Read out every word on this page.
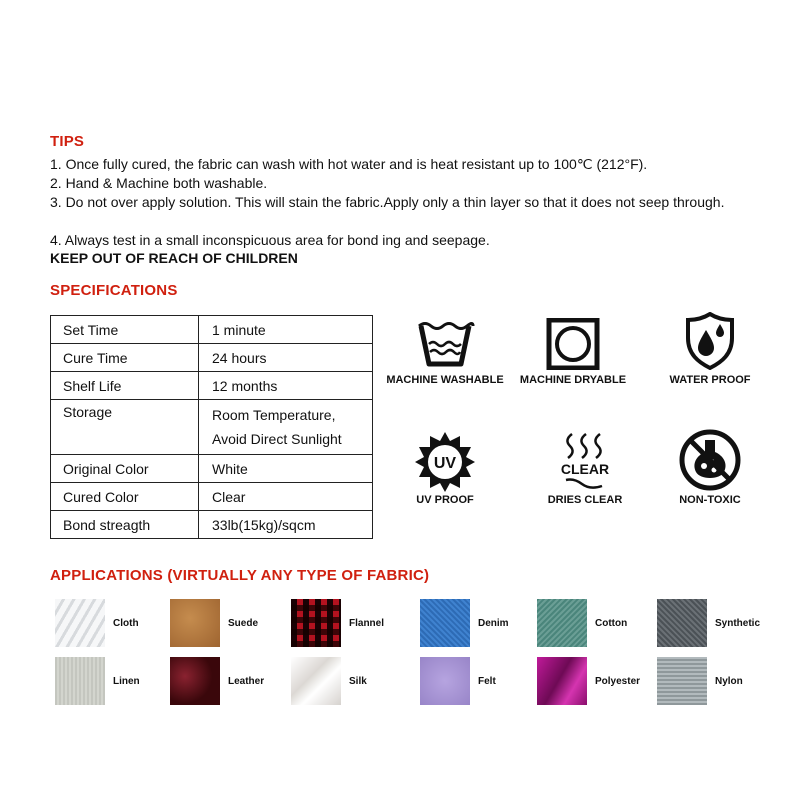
TIPS
1. Once fully cured, the fabric can wash with hot water and is heat resistant up to 100℃ (212°F).
2. Hand & Machine both washable.
3. Do not over apply solution. This will stain the fabric.Apply only a thin layer so that it does not seep through.
4. Always test in a small inconspicuous area for bond ing and seepage.
KEEP OUT OF REACH OF CHILDREN
SPECIFICATIONS
Set Time	1 minute
Cure Time	24 hours
Shelf Life	12 months
Storage	Room Temperature,
Avoid Direct Sunlight

Original Color	White
Cured Color	Clear
Bond streagth	33lb(15kg)/sqcm
MACHINE WASHABLE	MACHINE DRYABLE	WATER PROOF
UV
UV PROOF
CLEAR
DRIES CLEAR	NON-TOXIC
APPLICATIONS (VIRTUALLY ANY TYPE OF FABRIC)
Cloth	Suede	Flannel	Denim	Cotton	Synthetic
Linen	Leather	Silk	Felt	Polyester	Nylon
